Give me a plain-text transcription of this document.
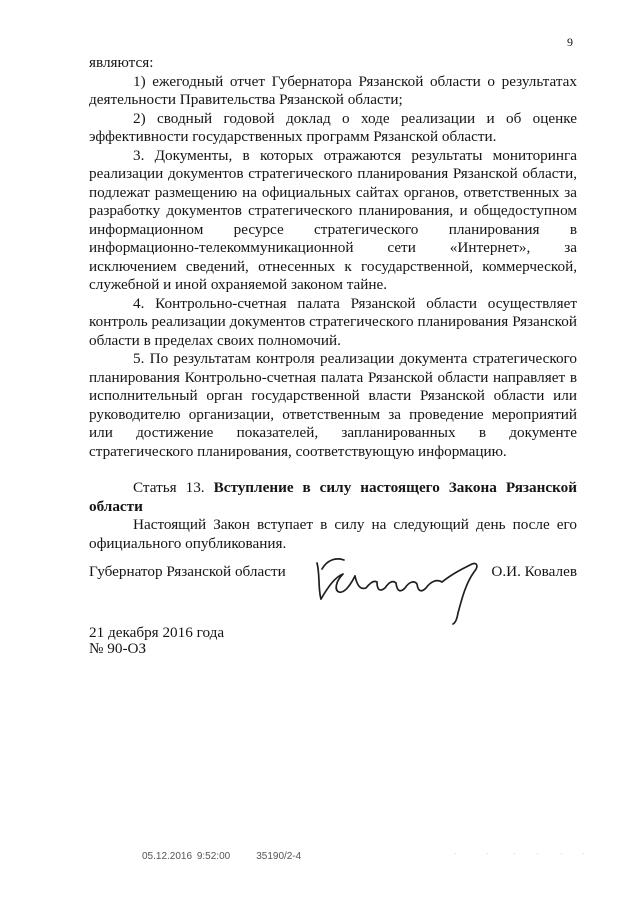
9

являются:

1) ежегодный отчет Губернатора Рязанской области о результатах деятельности Правительства Рязанской области;

2) сводный годовой доклад о ходе реализации и об оценке эффективности государственных программ Рязанской области.

3. Документы, в которых отражаются результаты мониторинга реализации документов стратегического планирования Рязанской области, подлежат размещению на официальных сайтах органов, ответственных за разработку документов стратегического планирования, и общедоступном информационном ресурсе стратегического планирования в информационно-телекоммуникационной сети «Интернет», за исключением сведений, отнесенных к государственной, коммерческой, служебной и иной охраняемой законом тайне.

4. Контрольно-счетная палата Рязанской области осуществляет контроль реализации документов стратегического планирования Рязанской области в пределах своих полномочий.

5. По результатам контроля реализации документа стратегического планирования Контрольно-счетная палата Рязанской области направляет в исполнительный орган государственной власти Рязанской области или руководителю организации, ответственным за проведение мероприятий или достижение показателей, запланированных в документе стратегического планирования, соответствующую информацию.

Статья 13. Вступление в силу настоящего Закона Рязанской области

Настоящий Закон вступает в силу на следующий день после его официального опубликования.

Губернатор Рязанской области	О.И. Ковалев
21 декабря 2016 года
№ 90-ОЗ
05.12.2016 9:52:00	35190/2-4	·	·	·	·	· ·
